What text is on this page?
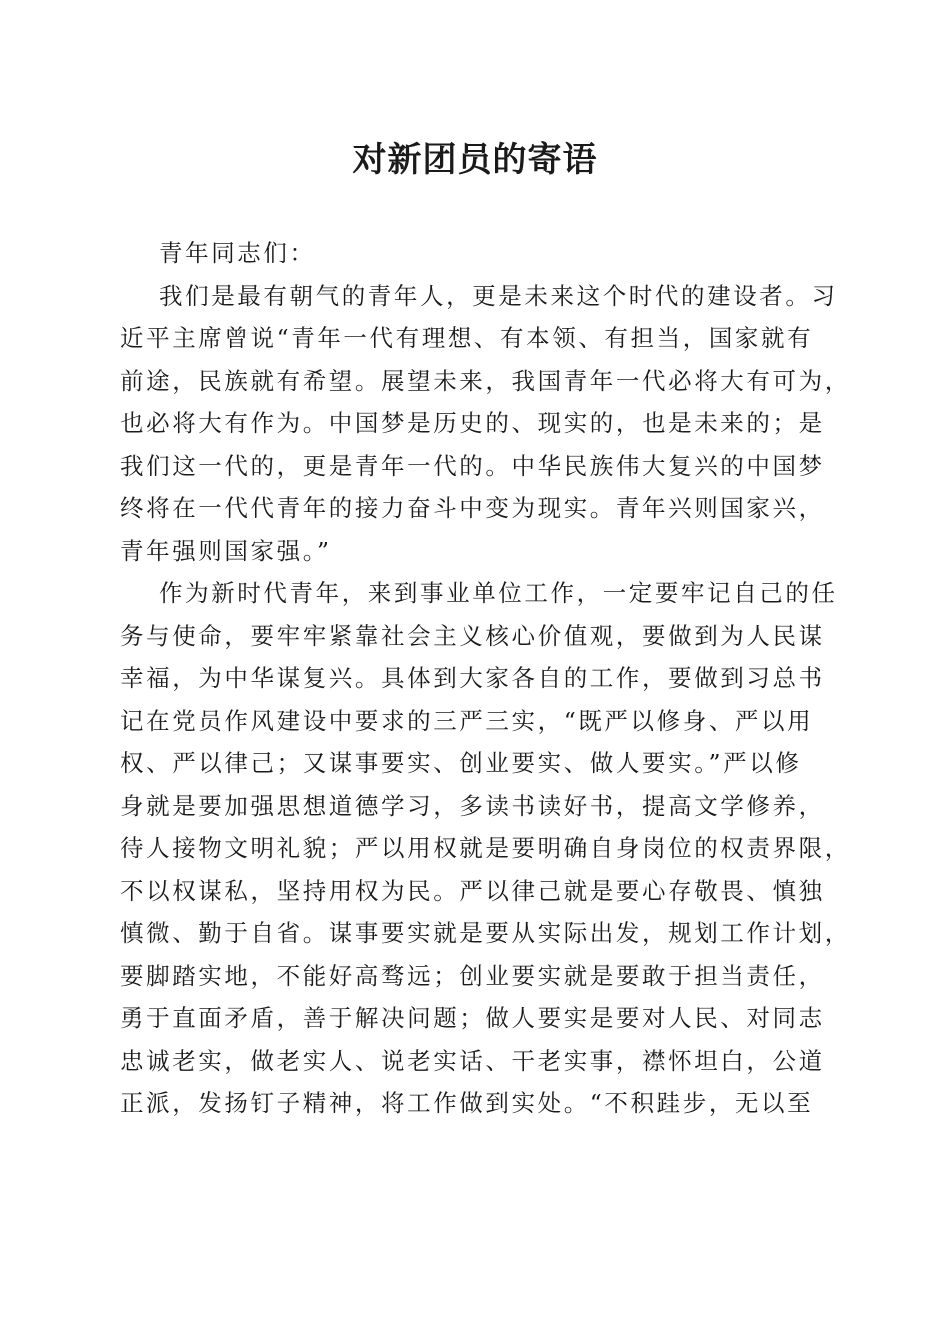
对新团员的寄语

青年同志们：

我们是最有朝气的青年人，更是未来这个时代的建设者。习
近平主席曾说“青年一代有理想、有本领、有担当，国家就有
前途，民族就有希望。展望未来，我国青年一代必将大有可为，
也必将大有作为。中国梦是历史的、现实的，也是未来的；是
我们这一代的，更是青年一代的。中华民族伟大复兴的中国梦
终将在一代代青年的接力奋斗中变为现实。青年兴则国家兴，
青年强则国家强。”

作为新时代青年，来到事业单位工作，一定要牢记自己的任
务与使命，要牢牢紧靠社会主义核心价值观，要做到为人民谋
幸福，为中华谋复兴。具体到大家各自的工作，要做到习总书
记在党员作风建设中要求的三严三实，“既严以修身、严以用
权、严以律己；又谋事要实、创业要实、做人要实。”严以修
身就是要加强思想道德学习，多读书读好书，提高文学修养，
待人接物文明礼貌；严以用权就是要明确自身岗位的权责界限，
不以权谋私，坚持用权为民。严以律己就是要心存敬畏、慎独
慎微、勤于自省。谋事要实就是要从实际出发，规划工作计划，
要脚踏实地，不能好高骛远；创业要实就是要敢于担当责任，
勇于直面矛盾，善于解决问题；做人要实是要对人民、对同志
忠诚老实，做老实人、说老实话、干老实事，襟怀坦白，公道
正派，发扬钉子精神，将工作做到实处。“不积跬步，无以至
